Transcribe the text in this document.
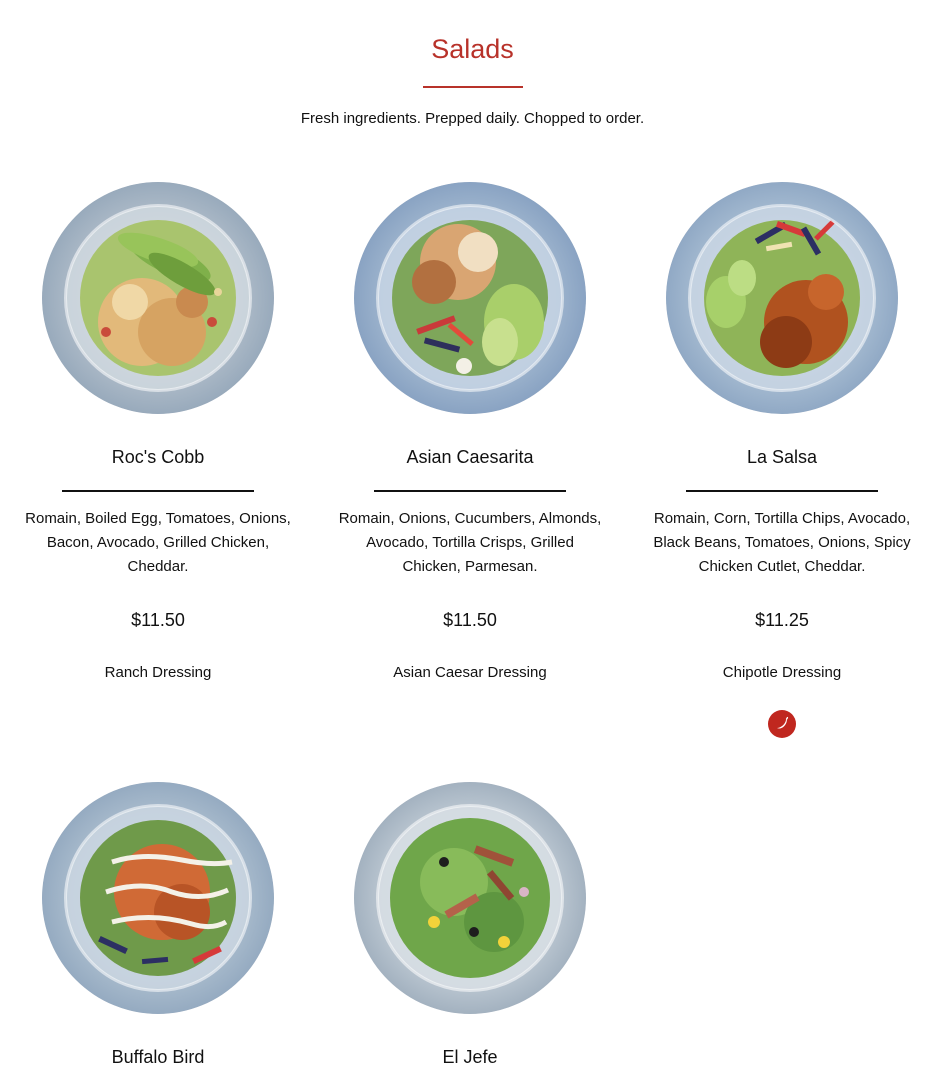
Salads
Fresh ingredients. Prepped daily. Chopped to order.
Roc's Cobb
Romain, Boiled Egg, Tomatoes, Onions, Bacon, Avocado, Grilled Chicken, Cheddar.
$11.50
Ranch Dressing
Asian Caesarita
Romain, Onions, Cucumbers, Almonds, Avocado, Tortilla Crisps, Grilled Chicken, Parmesan.
$11.50
Asian Caesar Dressing
La Salsa
Romain, Corn, Tortilla Chips, Avocado, Black Beans, Tomatoes, Onions, Spicy Chicken Cutlet, Cheddar.
$11.25
Chipotle Dressing
Buffalo Bird	El Jefe
